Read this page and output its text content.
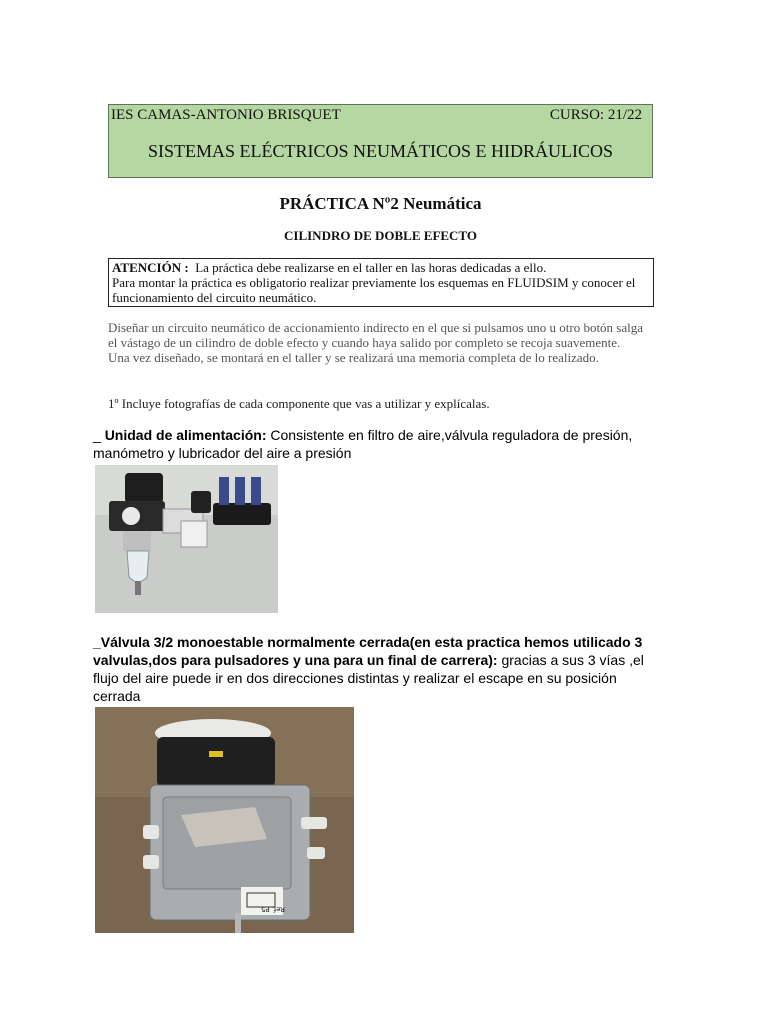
IES CAMAS-ANTONIO BRISQUET	CURSO: 21/22
SISTEMAS ELÉCTRICOS NEUMÁTICOS E HIDRÁULICOS
PRÁCTICA Nº2 Neumática
CILINDRO DE DOBLE EFECTO
ATENCIÓN : La práctica debe realizarse en el taller en las horas dedicadas a ello.
Para montar la práctica es obligatorio realizar previamente los esquemas en FLUIDSIM y conocer el funcionamiento del circuito neumático.
Diseñar un circuito neumático de accionamiento indirecto en el que si pulsamos uno u otro botón salga el vástago de un cilindro de doble efecto y cuando haya salido por completo se recoja suavemente.
Una vez diseñado, se montará en el taller y se realizará una memoria completa de lo realizado.
1º Incluye fotografías de cada componente que vas a utilizar y explícalas.
_ Unidad de alimentación: Consistente en filtro de aire,válvula reguladora de presión, manómetro y lubricador del aire a presión
_Válvula 3/2 monoestable normalmente cerrada(en esta practica hemos utilicado 3 valvulas,dos para pulsadores y una para un final de carrera): gracias a sus 3 vías ,el flujo del aire puede ir en dos direcciones distintas y realizar el escape en su posición cerrada
Ref. P5
